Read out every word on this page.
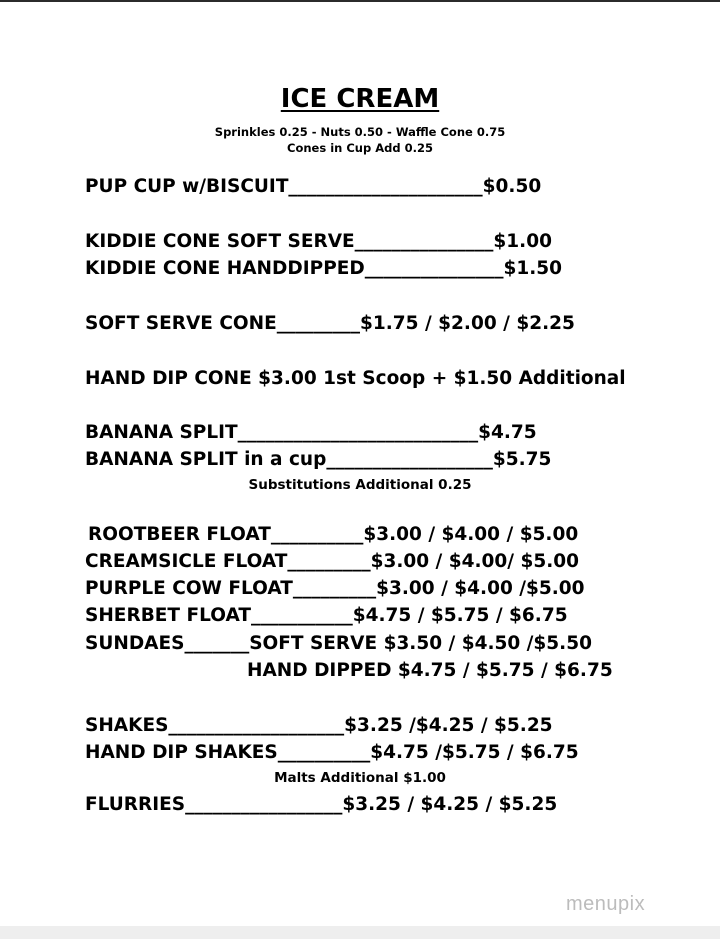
ICE CREAM
Sprinkles 0.25 - Nuts 0.50 - Waffle Cone 0.75
Cones in Cup Add 0.25
PUP CUP w/BISCUIT_____________________$0.50
KIDDIE CONE SOFT SERVE_______________$1.00
KIDDIE CONE HANDDIPPED_______________$1.50
SOFT SERVE CONE_________$1.75 / $2.00 / $2.25
HAND DIP CONE $3.00 1st Scoop + $1.50 Additional
BANANA SPLIT__________________________$4.75
BANANA SPLIT in a cup__________________$5.75
Substitutions Additional 0.25
ROOTBEER FLOAT__________$3.00 / $4.00 / $5.00
CREAMSICLE FLOAT_________$3.00 / $4.00/ $5.00
PURPLE COW FLOAT_________$3.00 / $4.00 /$5.00
SHERBET FLOAT___________$4.75 / $5.75 / $6.75
SUNDAES_______SOFT SERVE $3.50 / $4.50 /$5.50
HAND DIPPED $4.75 / $5.75 / $6.75
SHAKES___________________$3.25 /$4.25 / $5.25
HAND DIP SHAKES__________$4.75 /$5.75 / $6.75
Malts Additional $1.00
FLURRIES_________________$3.25 / $4.25 / $5.25
menupix
